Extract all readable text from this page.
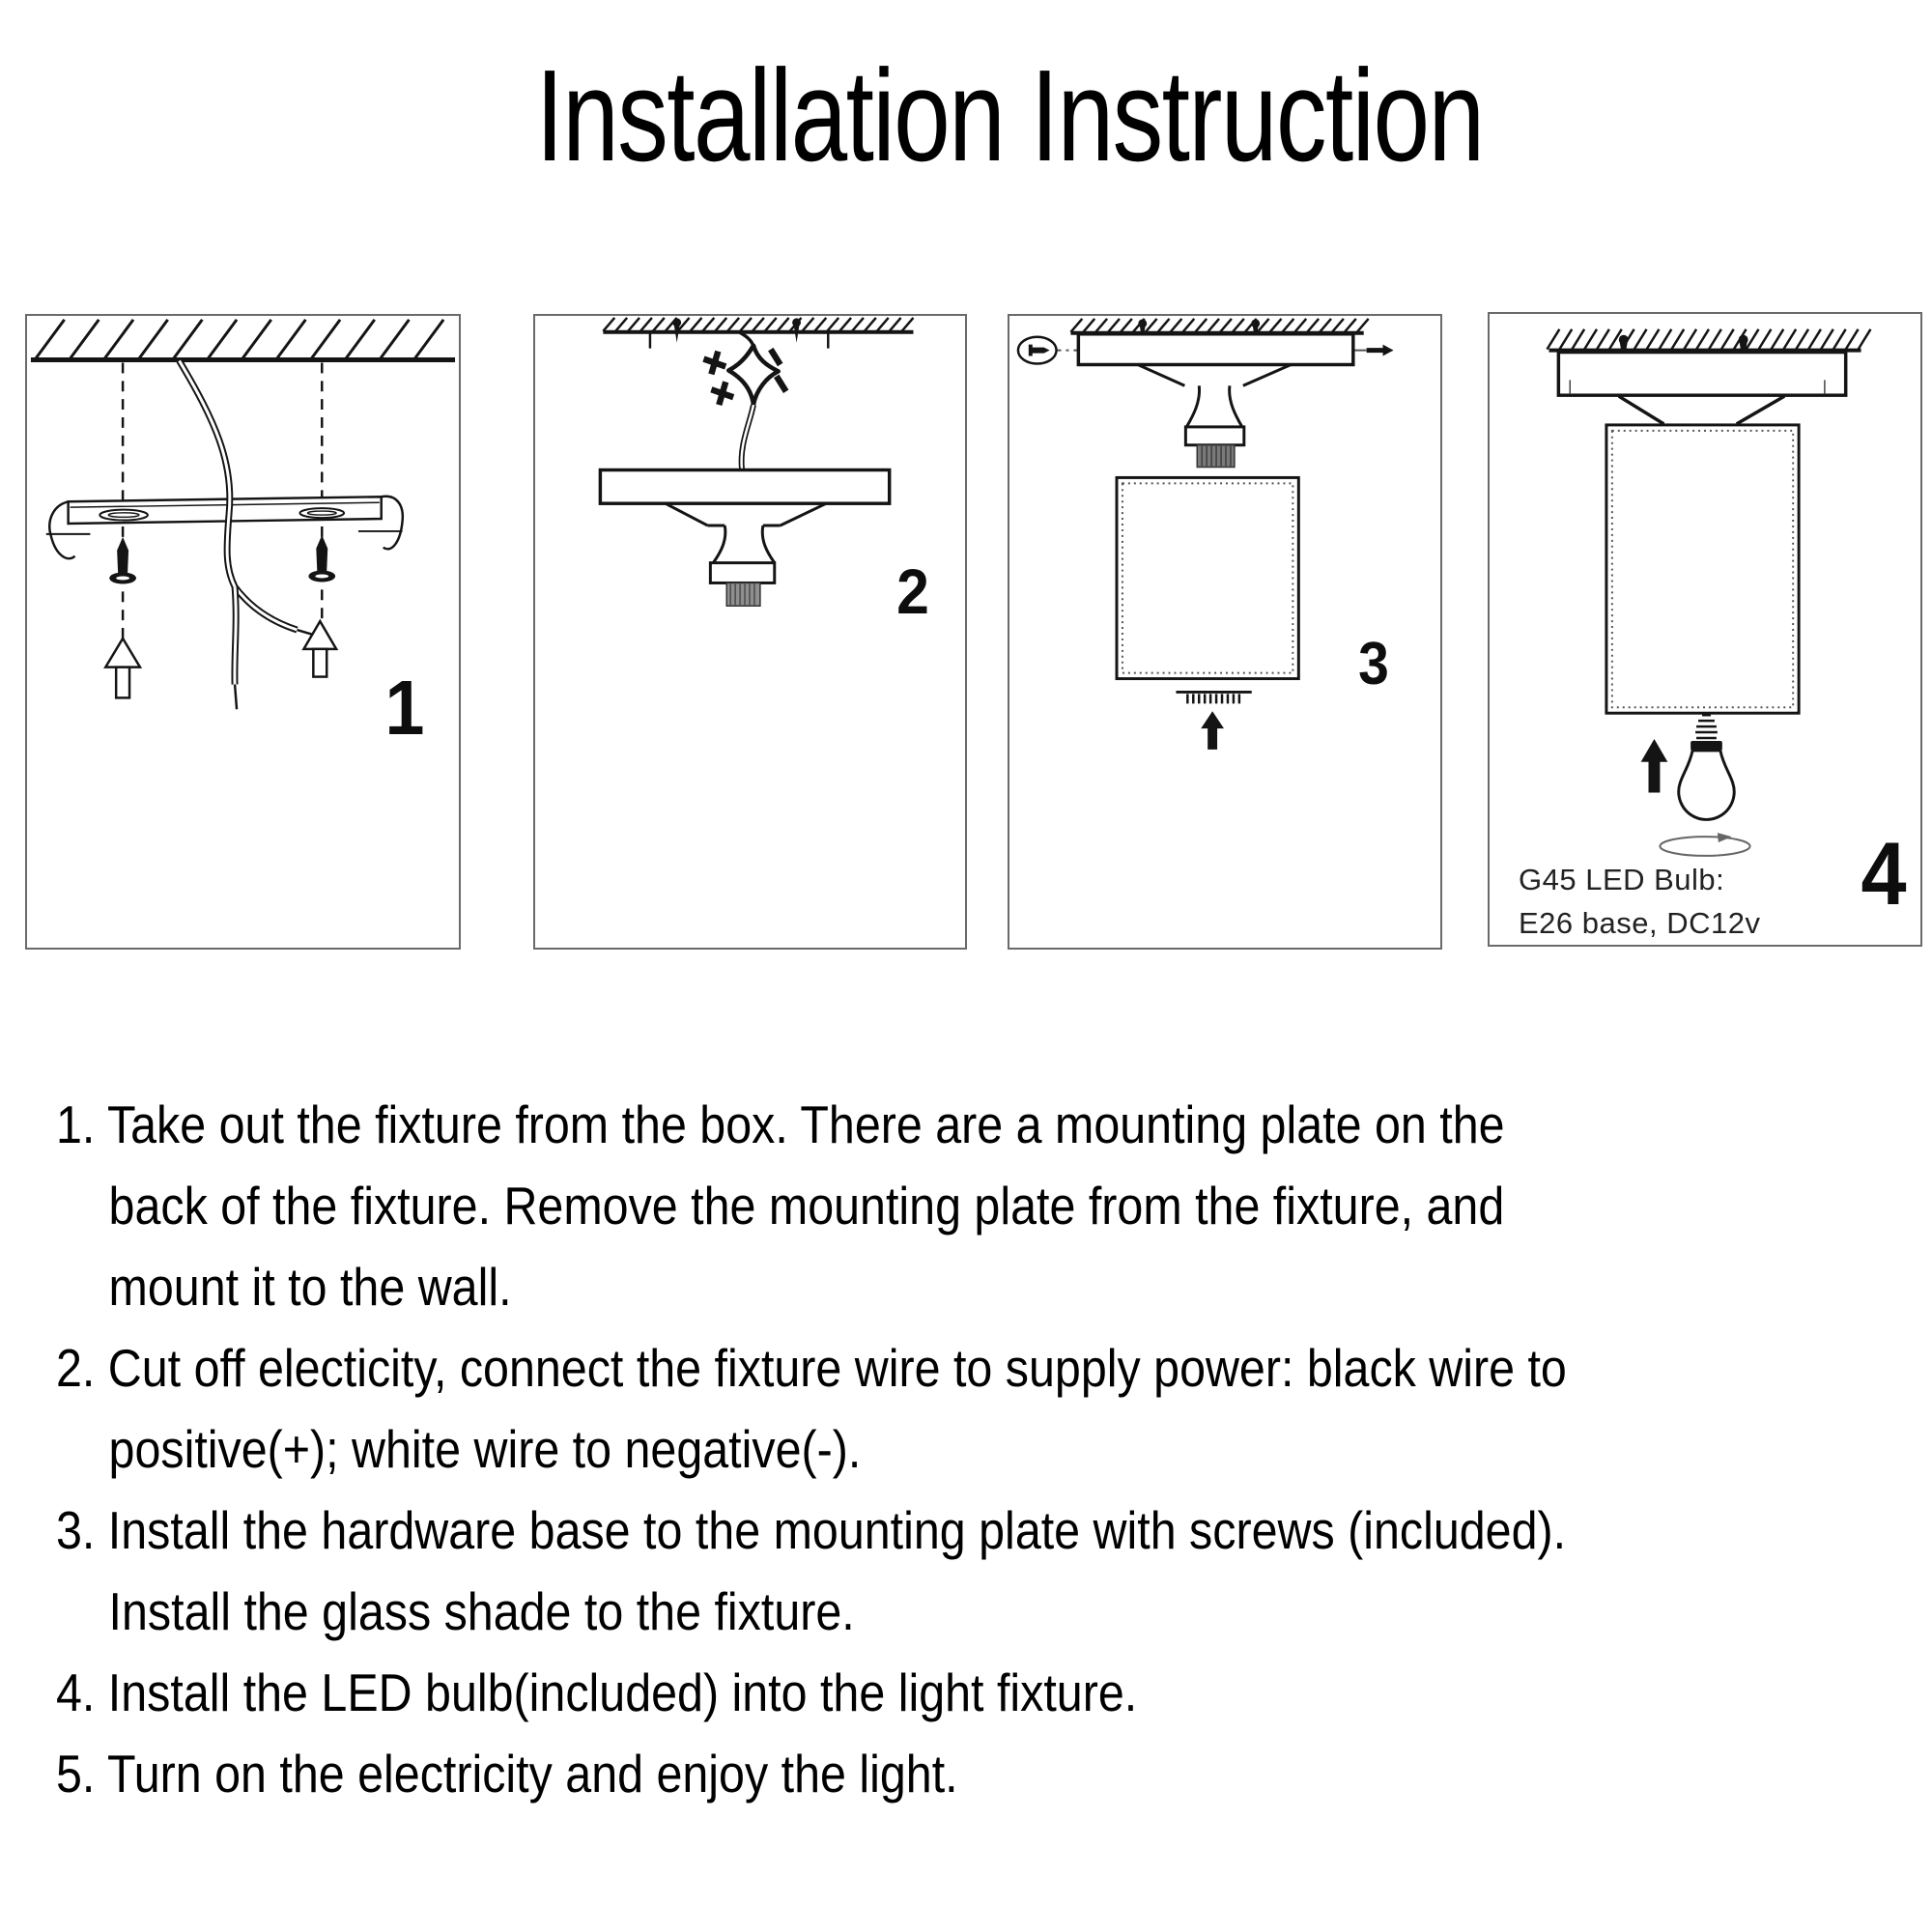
Installation Instruction
1
2
3
G45 LED Bulb:
E26 base, DC12v 4
1. Take out the fixture from the box. There are a mounting plate on the
back of the fixture. Remove the mounting plate from the fixture, and
mount it to the wall.
2. Cut off electicity, connect the fixture wire to supply power: black wire to
positive(+); white wire to negative(-).
3. Install the hardware base to the mounting plate with screws (included).
Install the glass shade to the fixture.
4. Install the LED bulb(included) into the light fixture.
5. Turn on the electricity and enjoy the light.
